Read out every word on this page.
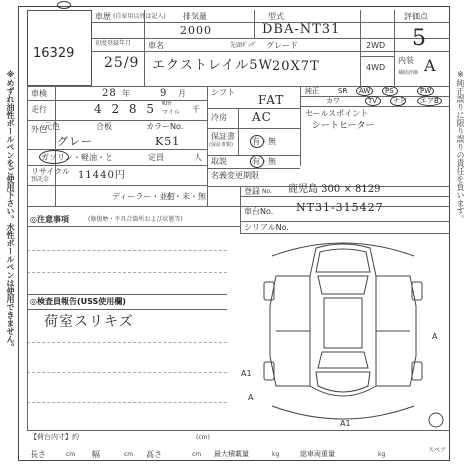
16329
車歴 (自家用以外は記入) 排気量
2000
型式
DBA-NT31
評価点
5
初度登録年月
25/9
車名
エクストレイル5W
先頭ﾀﾞｯｸﾞ グレード
20X7T
2WD
4WD
内装
補助評価 A
車検	28 年	9 月
走行	4 2 8 5 Km
マイル 千
外色
元色	合板	カラーNo.
グレー	K51
ガソリン・軽油・と	定員	人
リサイクル
預託金	11440円
ディーラー・並行
在・未・無
シフト
FAT
冷房 AC
保証書
(保証書類) 有・無
取説	有・無
名義変更期限
純正	SR AW PS	PW
カワ	TV ナビ エアB
セールスポイント
シートヒーター
登録 No. 鹿児島 300 × 8129
車台No. NT31-315427
シリアルNo.
◎注意事項	(修復歴・不具合箇所および状態等)
◎検査員報告(USS使用欄)
荷室スリキズ
A
A1
A
A1
スペア
【荷台内寸】約	(cm)
長さ	cm 幅	cm 高さ	cm 最大積載量	kg	総車両重量	kg
※めずれ油性ボールペンをご使用下さい。水性ボールペンは使用できません。	※純正誤りに限り誤りの責任を負います。
